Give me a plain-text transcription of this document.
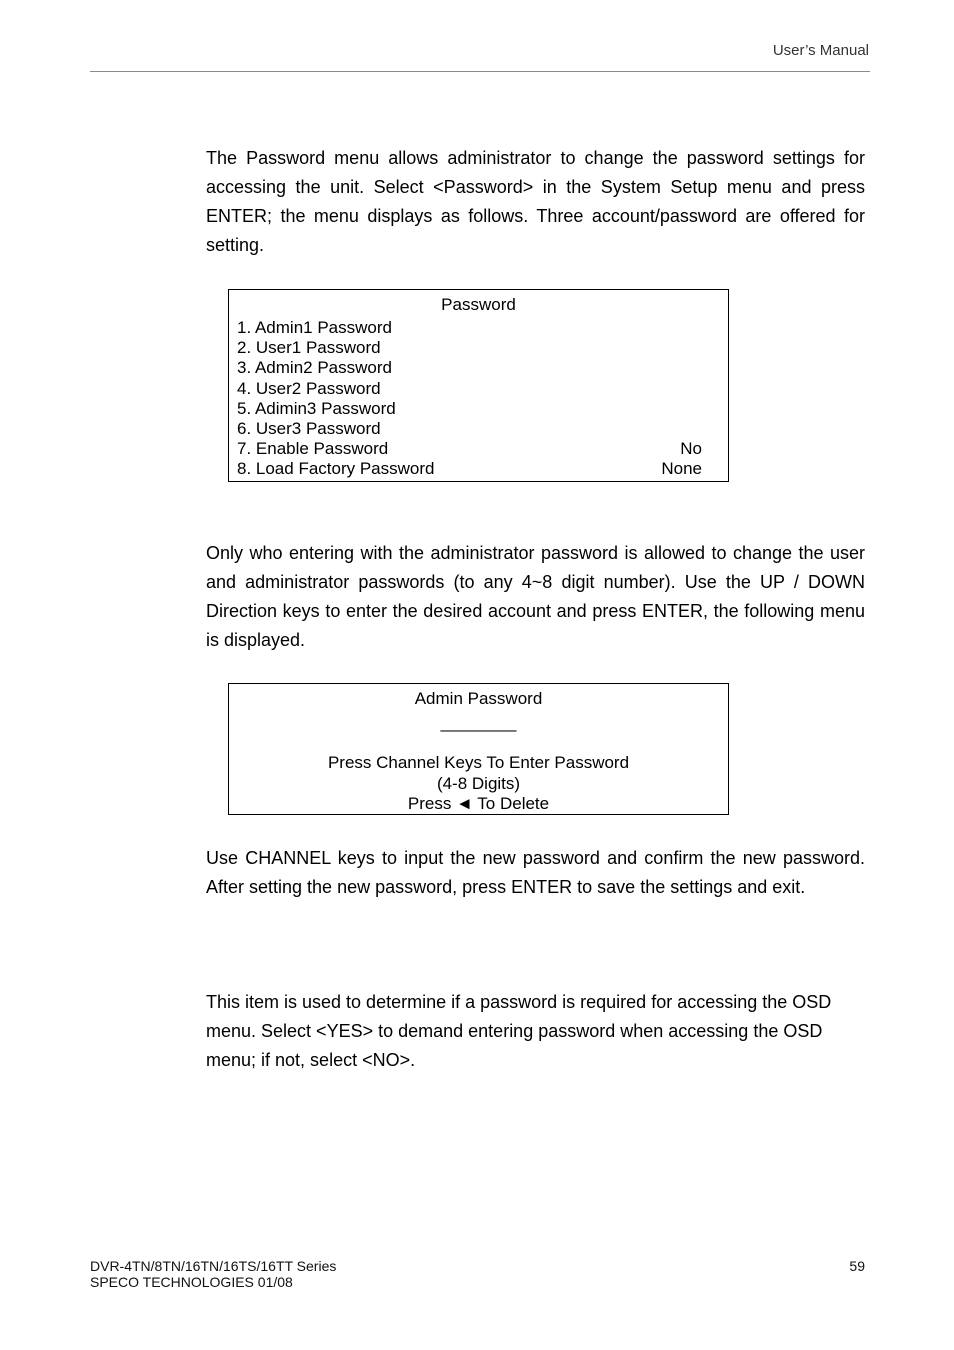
User’s Manual

The Password menu allows administrator to change the password settings for accessing the unit. Select <Password> in the System Setup menu and press ENTER; the menu displays as follows. Three account/password are offered for setting.

Password
1. Admin1 Password
2. User1 Password
3. Admin2 Password
4. User2 Password
5. Adimin3 Password
6. User3 Password
7. Enable Password	No
8. Load Factory Password	None

Only who entering with the administrator password is allowed to change the user and administrator passwords (to any 4~8 digit number). Use the UP / DOWN Direction keys to enter the desired account and press ENTER, the following menu is displayed.

Admin Password
________
Press Channel Keys To Enter Password
(4-8 Digits)
Press ◄ To Delete

Use CHANNEL keys to input the new password and confirm the new password. After setting the new password, press ENTER to save the settings and exit.

This item is used to determine if a password is required for accessing the OSD menu. Select <YES> to demand entering password when accessing the OSD menu; if not, select <NO>.

DVR-4TN/8TN/16TN/16TS/16TT Series
SPECO TECHNOLOGIES 01/08
59
